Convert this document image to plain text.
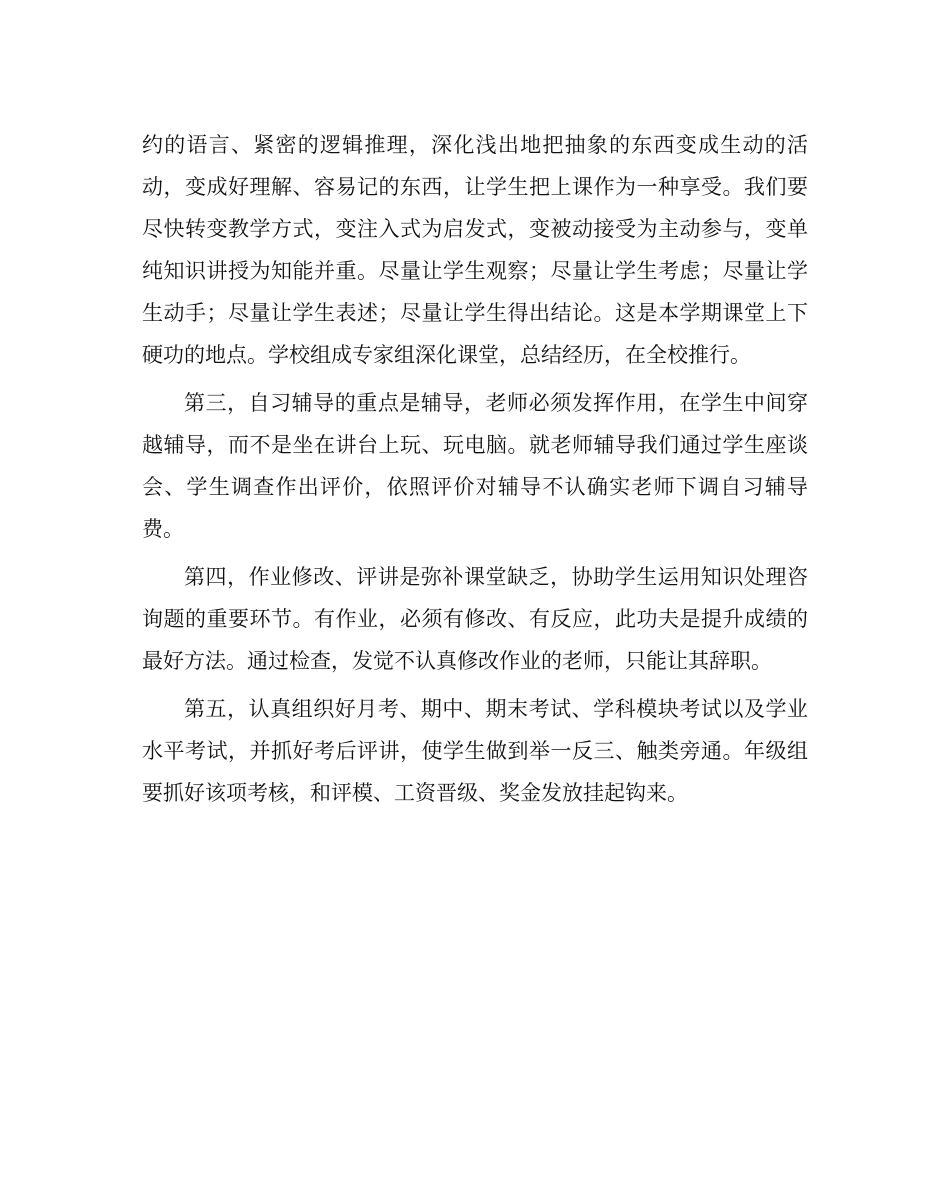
约的语言、紧密的逻辑推理，深化浅出地把抽象的东西变成生动的活动，变成好理解、容易记的东西，让学生把上课作为一种享受。我们要尽快转变教学方式，变注入式为启发式，变被动接受为主动参与，变单纯知识讲授为知能并重。尽量让学生观察；尽量让学生考虑；尽量让学生动手；尽量让学生表述；尽量让学生得出结论。这是本学期课堂上下硬功的地点。学校组成专家组深化课堂，总结经历，在全校推行。

第三，自习辅导的重点是辅导，老师必须发挥作用，在学生中间穿越辅导，而不是坐在讲台上玩、玩电脑。就老师辅导我们通过学生座谈会、学生调查作出评价，依照评价对辅导不认确实老师下调自习辅导费。

第四，作业修改、评讲是弥补课堂缺乏，协助学生运用知识处理咨询题的重要环节。有作业，必须有修改、有反应，此功夫是提升成绩的最好方法。通过检查，发觉不认真修改作业的老师，只能让其辞职。

第五，认真组织好月考、期中、期末考试、学科模块考试以及学业水平考试，并抓好考后评讲，使学生做到举一反三、触类旁通。年级组要抓好该项考核，和评模、工资晋级、奖金发放挂起钩来。
